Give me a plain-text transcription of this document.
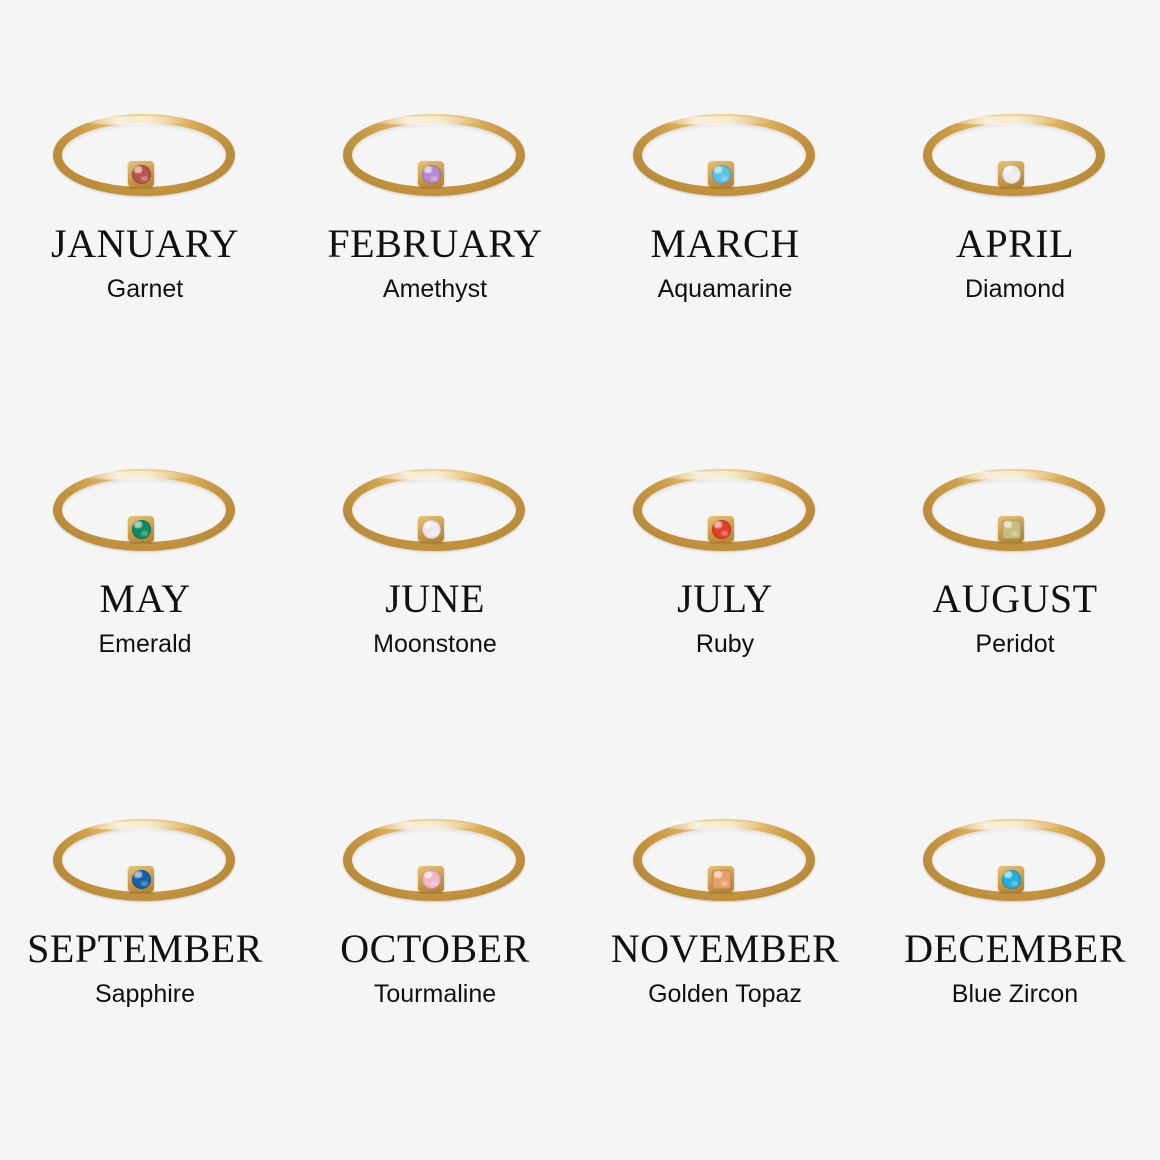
JANUARY
Garnet
FEBRUARY
Amethyst
MARCH
Aquamarine
APRIL
Diamond
MAY
Emerald
JUNE
Moonstone
JULY
Ruby
AUGUST
Peridot
SEPTEMBER
Sapphire
OCTOBER
Tourmaline
NOVEMBER
Golden Topaz
DECEMBER
Blue Zircon
